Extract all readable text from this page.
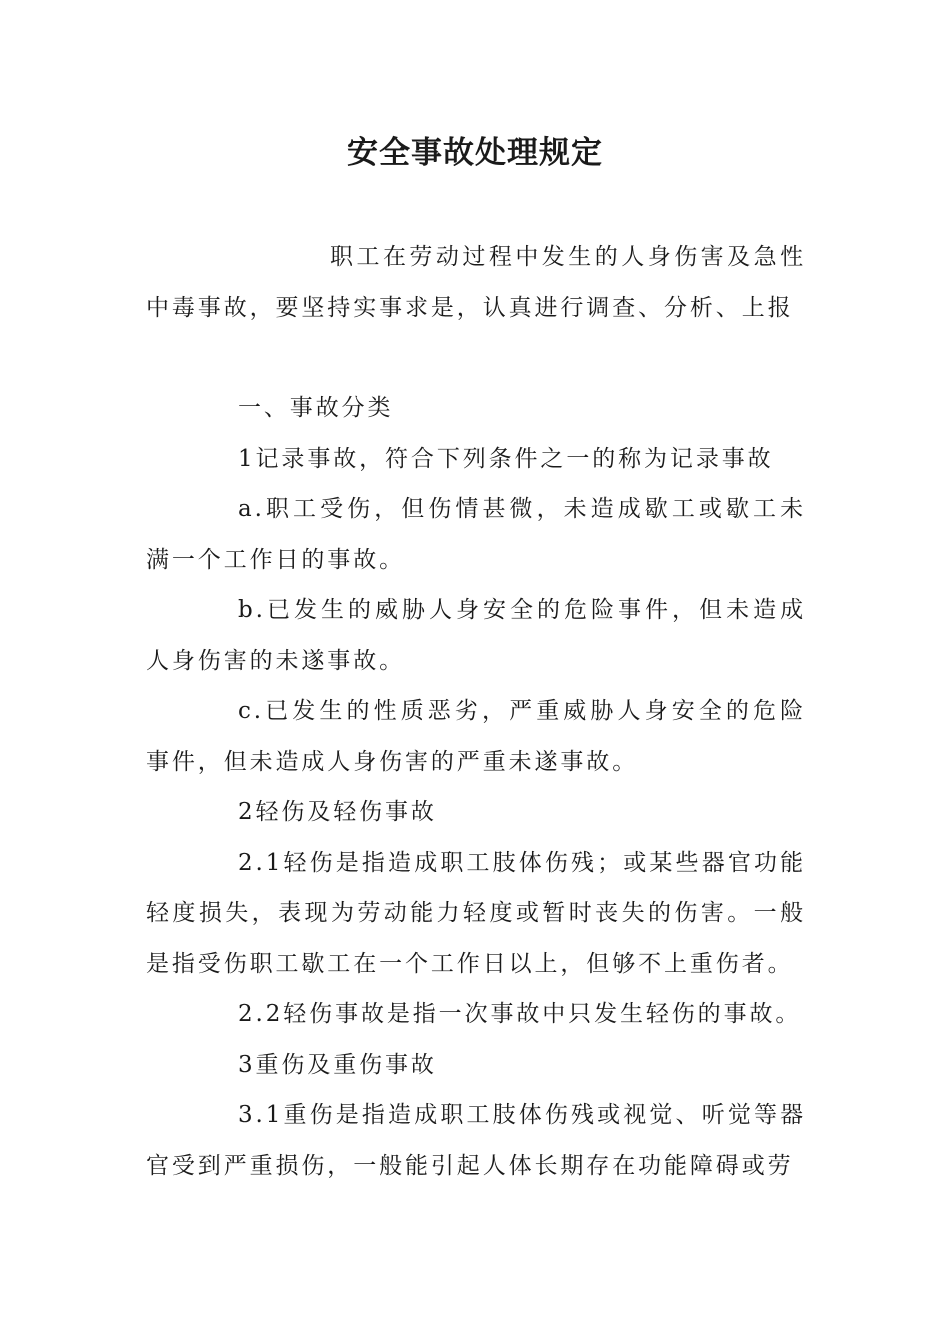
安全事故处理规定

职工在劳动过程中发生的人身伤害及急性中毒事故，要坚持实事求是，认真进行调查、分析、上报

一、事故分类

1记录事故，符合下列条件之一的称为记录事故

a.职工受伤，但伤情甚微，未造成歇工或歇工未满一个工作日的事故。

b.已发生的威胁人身安全的危险事件，但未造成人身伤害的未遂事故。

c.已发生的性质恶劣，严重威胁人身安全的危险事件，但未造成人身伤害的严重未遂事故。

2轻伤及轻伤事故

2.1轻伤是指造成职工肢体伤残；或某些器官功能轻度损失，表现为劳动能力轻度或暂时丧失的伤害。一般是指受伤职工歇工在一个工作日以上，但够不上重伤者。

2.2轻伤事故是指一次事故中只发生轻伤的事故。

3重伤及重伤事故

3.1重伤是指造成职工肢体伤残或视觉、听觉等器官受到严重损伤，一般能引起人体长期存在功能障碍或劳
